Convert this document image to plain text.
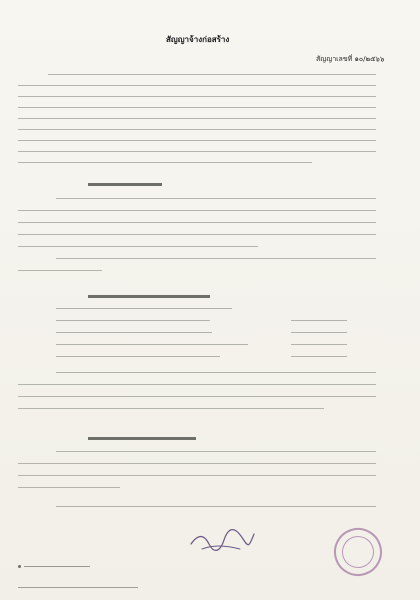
สัญญาจ้างก่อสร้าง
สัญญาเลขที่ ๑๐/๒๕๖๖
